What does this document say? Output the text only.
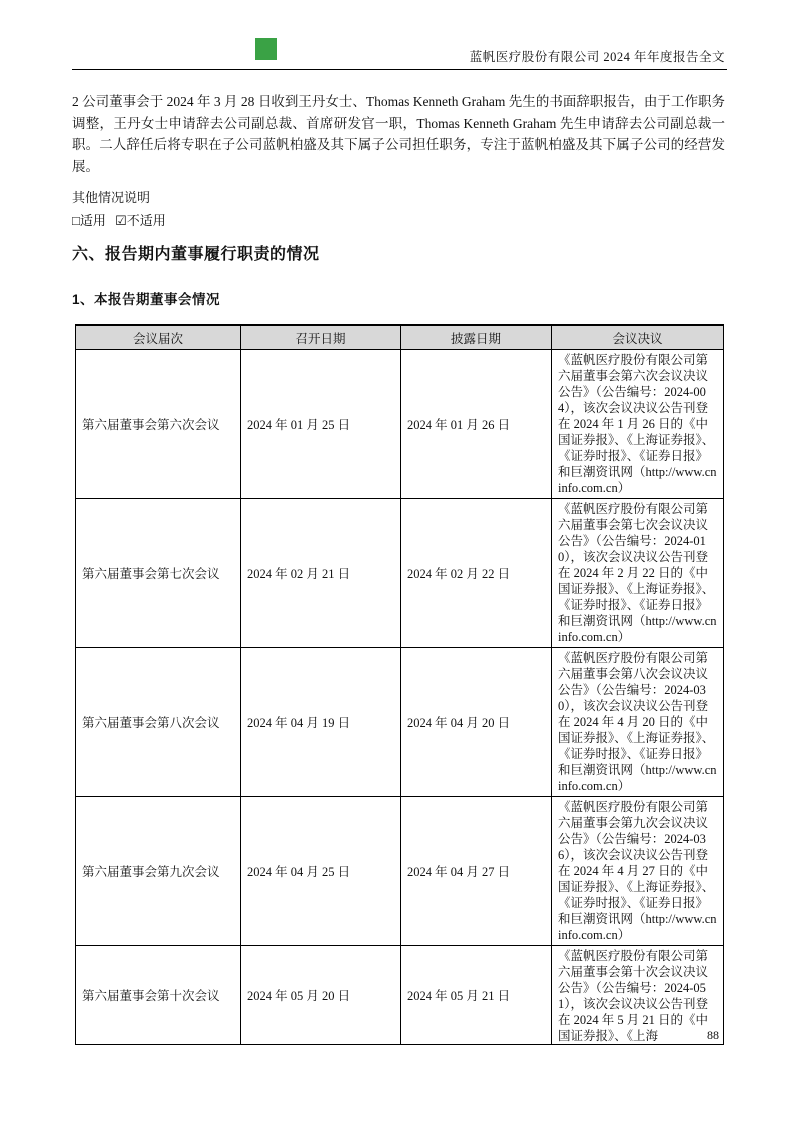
蓝帆医疗股份有限公司 2024 年年度报告全文

2 公司董事会于 2024 年 3 月 28 日收到王丹女士、Thomas Kenneth Graham 先生的书面辞职报告，由于工作职务调整，王丹女士申请辞去公司副总裁、首席研发官一职，Thomas Kenneth Graham 先生申请辞去公司副总裁一职。二人辞任后将专职在子公司蓝帆柏盛及其下属子公司担任职务，专注于蓝帆柏盛及其下属子公司的经营发展。

其他情况说明
□适用 ☑不适用
六、报告期内董事履行职责的情况
1、本报告期董事会情况
会议届次	召开日期	披露日期	会议决议
第六届董事会第六次会议	2024 年 01 月 25 日	2024 年 01 月 26 日	《蓝帆医疗股份有限公司第六届董事会第六次会议决议公告》（公告编号：2024-004），该次会议决议公告刊登在 2024 年 1 月 26 日的《中国证券报》、《上海证券报》、《证券时报》、《证券日报》和巨潮资讯网（http://www.cninfo.com.cn）

第六届董事会第七次会议	2024 年 02 月 21 日	2024 年 02 月 22 日	《蓝帆医疗股份有限公司第六届董事会第七次会议决议公告》（公告编号：2024-010），该次会议决议公告刊登在 2024 年 2 月 22 日的《中国证券报》、《上海证券报》、《证券时报》、《证券日报》和巨潮资讯网（http://www.cninfo.com.cn）

第六届董事会第八次会议	2024 年 04 月 19 日	2024 年 04 月 20 日	《蓝帆医疗股份有限公司第六届董事会第八次会议决议公告》（公告编号：2024-030），该次会议决议公告刊登在 2024 年 4 月 20 日的《中国证券报》、《上海证券报》、《证券时报》、《证券日报》和巨潮资讯网（http://www.cninfo.com.cn）

第六届董事会第九次会议	2024 年 04 月 25 日	2024 年 04 月 27 日	《蓝帆医疗股份有限公司第六届董事会第九次会议决议公告》（公告编号：2024-036），该次会议决议公告刊登在 2024 年 4 月 27 日的《中国证券报》、《上海证券报》、《证券时报》、《证券日报》和巨潮资讯网（http://www.cninfo.com.cn）

第六届董事会第十次会议	2024 年 05 月 20 日	2024 年 05 月 21 日	《蓝帆医疗股份有限公司第六届董事会第十次会议决议公告》（公告编号：2024-051），该次会议决议公告刊登在 2024 年 5 月 21 日的《中国证券报》、《上海	88
